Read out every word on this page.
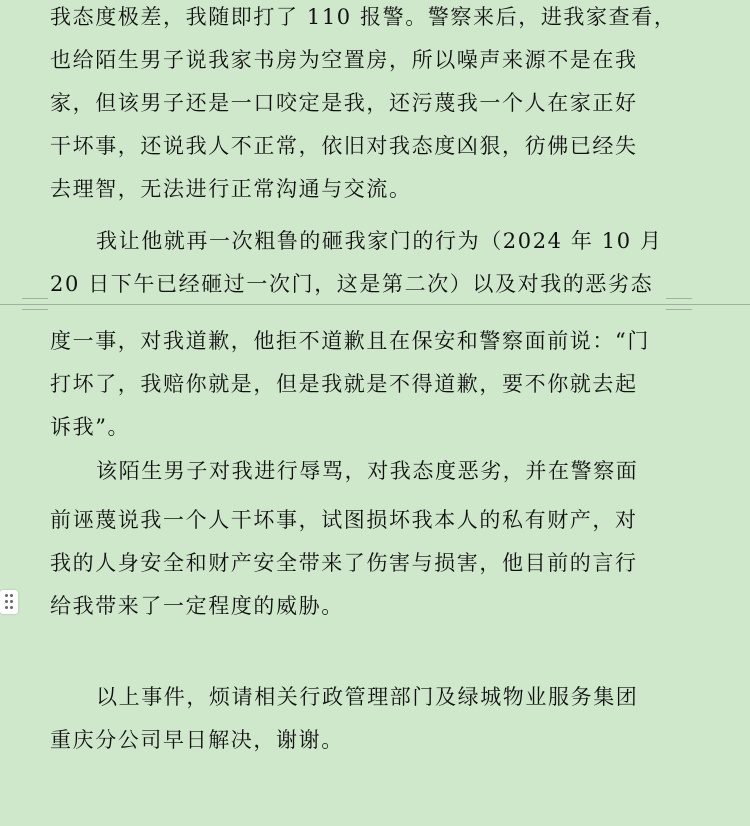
我态度极差，我随即打了 110 报警。警察来后，进我家查看，
也给陌生男子说我家书房为空置房，所以噪声来源不是在我
家，但该男子还是一口咬定是我，还污蔑我一个人在家正好
干坏事，还说我人不正常，依旧对我态度凶狠，彷佛已经失
去理智，无法进行正常沟通与交流。
我让他就再一次粗鲁的砸我家门的行为（2024 年 10 月
20 日下午已经砸过一次门，这是第二次）以及对我的恶劣态
度一事，对我道歉，他拒不道歉且在保安和警察面前说：“门
打坏了，我赔你就是，但是我就是不得道歉，要不你就去起
诉我”。
该陌生男子对我进行辱骂，对我态度恶劣，并在警察面
前诬蔑说我一个人干坏事，试图损坏我本人的私有财产，对
我的人身安全和财产安全带来了伤害与损害，他目前的言行
给我带来了一定程度的威胁。
以上事件，烦请相关行政管理部门及绿城物业服务集团
重庆分公司早日解决，谢谢。
